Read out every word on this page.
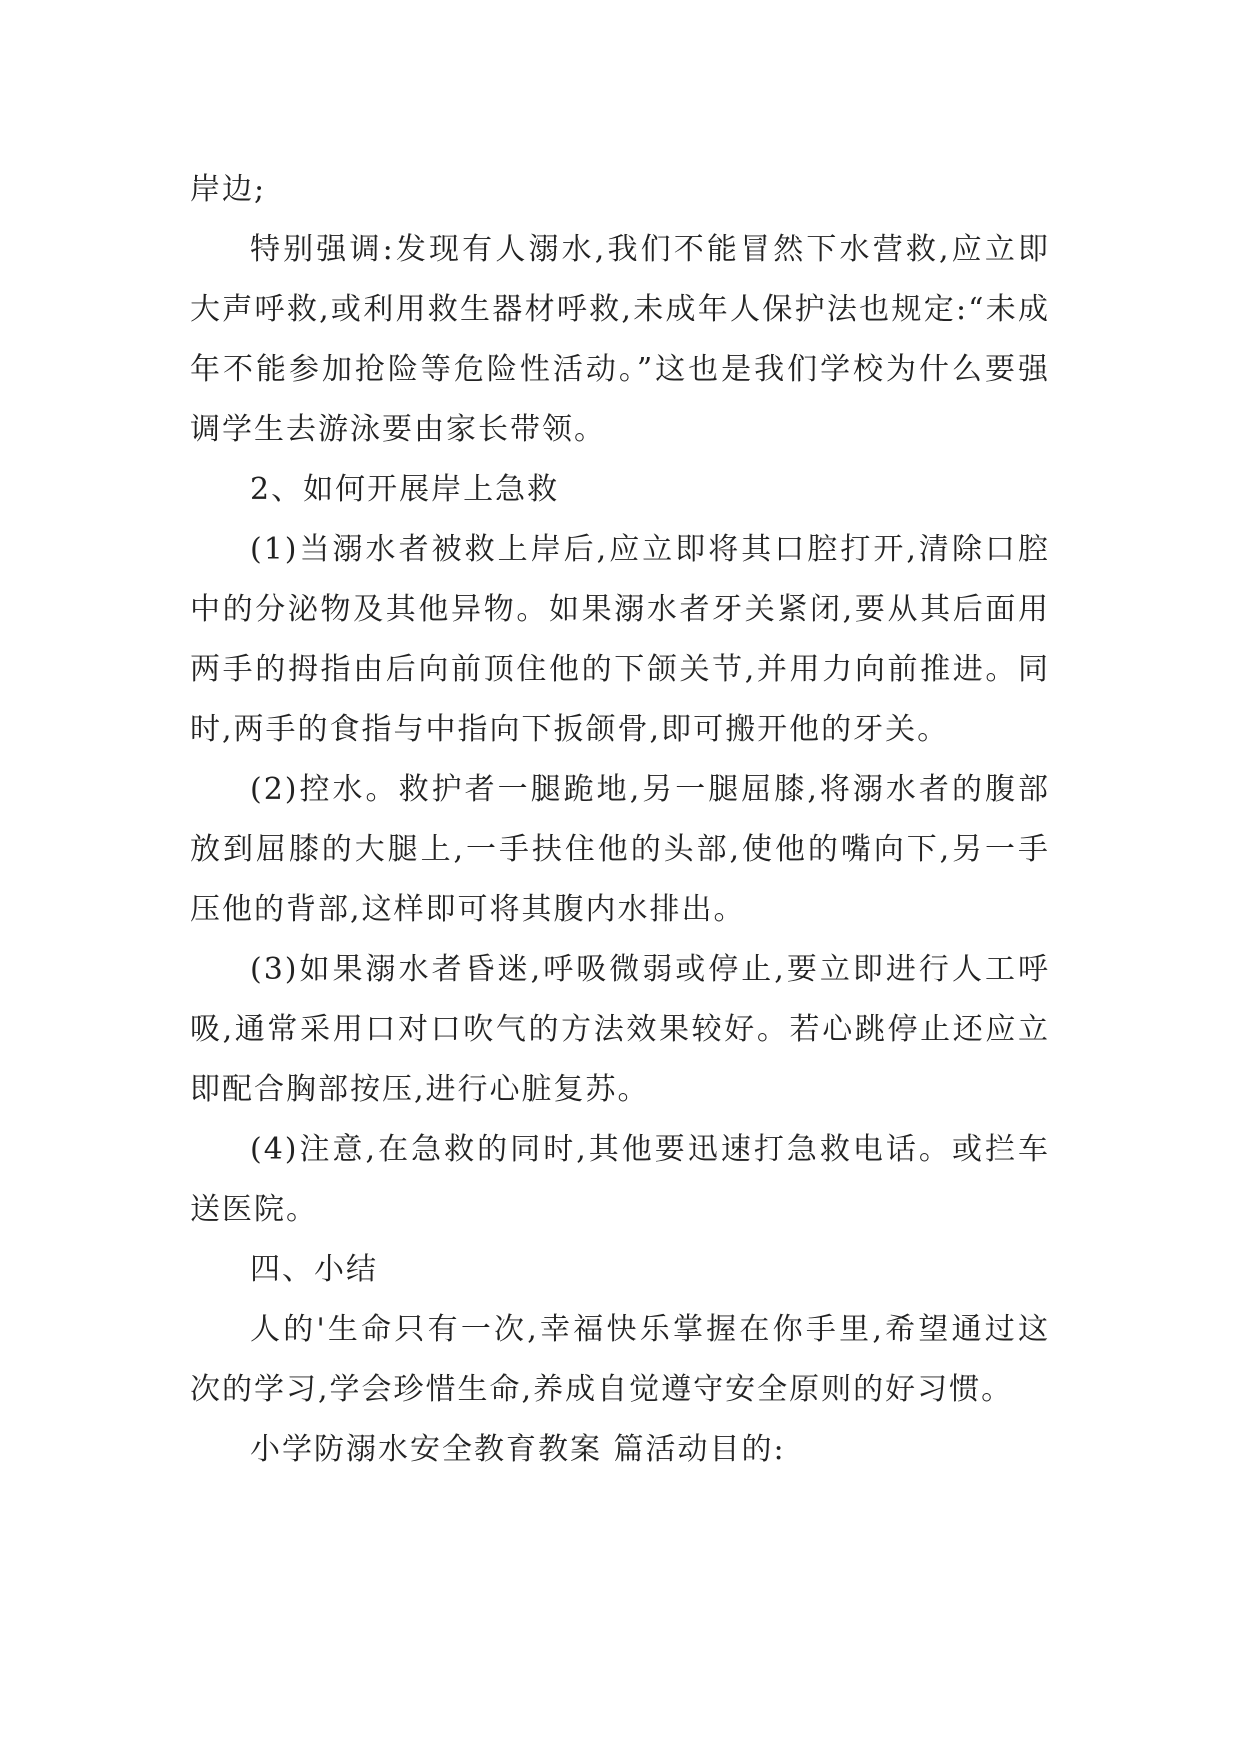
岸边;

特别强调:发现有人溺水,我们不能冒然下水营救,应立即大声呼救,或利用救生器材呼救,未成年人保护法也规定:“未成年不能参加抢险等危险性活动。”这也是我们学校为什么要强调学生去游泳要由家长带领。

2、如何开展岸上急救

(1)当溺水者被救上岸后,应立即将其口腔打开,清除口腔中的分泌物及其他异物。如果溺水者牙关紧闭,要从其后面用两手的拇指由后向前顶住他的下颌关节,并用力向前推进。同时,两手的食指与中指向下扳颌骨,即可搬开他的牙关。

(2)控水。救护者一腿跪地,另一腿屈膝,将溺水者的腹部放到屈膝的大腿上,一手扶住他的头部,使他的嘴向下,另一手压他的背部,这样即可将其腹内水排出。

(3)如果溺水者昏迷,呼吸微弱或停止,要立即进行人工呼吸,通常采用口对口吹气的方法效果较好。若心跳停止还应立即配合胸部按压,进行心脏复苏。

(4)注意,在急救的同时,其他要迅速打急救电话。或拦车送医院。

四、小结

人的'生命只有一次,幸福快乐掌握在你手里,希望通过这次的学习,学会珍惜生命,养成自觉遵守安全原则的好习惯。

小学防溺水安全教育教案 篇活动目的:
